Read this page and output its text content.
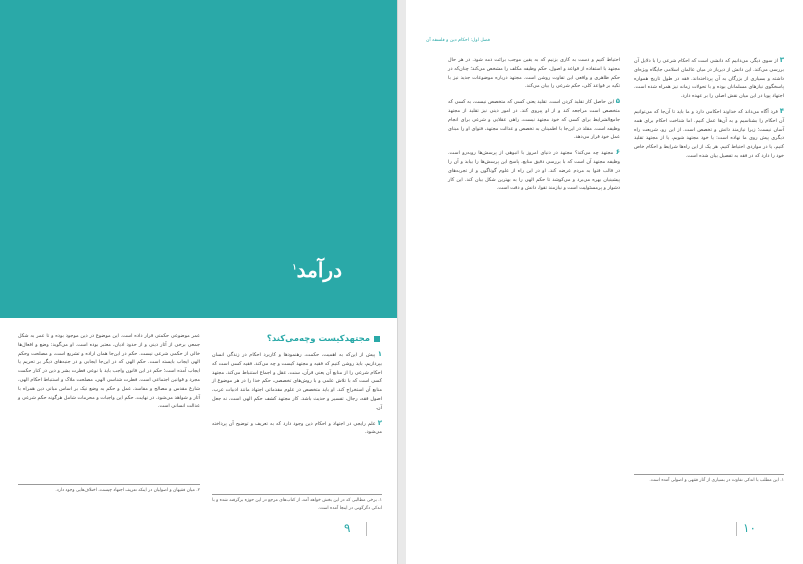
درآمد$^۱$

عمر موضوعی حکمتی قرار داده است. این موضوع در دین موجود بوده و تا عمر به شکل جمعی برخی از آثار دینی و از حدود ادیان، معتبر بوده است. او می‌گوید: وضع و افعال‌ها خالی از حکمی شرعی نیست. حکم در این‌جا همان اراده و تشریع است، و مصلحت وحکم الهی ایجاب بایسته است. حکم الهی که در این‌جا ایجابی و در جنبه‌های دیگر بر تحریم یا ایجاب آمده است؛ حکم در این قانون واجب باید با نوعی فطرت بشر و دین در کنار حکمت مجرد و قوانین اجتماعی است. فطرت شناسی الهی، مصلحت ملاک و استنباط احکام الهی، شارع مقدس و مصالح و مفاسد، عمل و حکم به وضع نیک بر اساس مبانی دین همراه با آثار و شواهد می‌شود. در نهایت، حکم این واجبات و محرمات شامل هرگونه حکم شرعی و عدالت انسانی است.

مجتهدکیست وچه‌می‌کند؟

۱ پیش از این‌که به اهمیت، حکمت، رهنمودها و کاربرد احکام در زندگی انسان بپردازیم، باید روشن کنیم که فقیه و مجتهد کیست و چه می‌کند. فقیه کسی است که احکام شرعی را از منابع آن یعنی قرآن، سنت، عقل و اجماع استنباط می‌کند. مجتهد کسی است که با تلاش علمی و با روش‌های تخصصی، حکم خدا را در هر موضوع از منابع آن استخراج کند. او باید متخصص در علوم مقدماتی اجتهاد مانند ادبیات عرب، اصول فقه، رجال، تفسیر و حدیث باشد. کار مجتهد کشف حکم الهی است، نه جعل آن.

۲ علم رایجی در اجتهاد و احکام دین وجود دارد که به تعریف و توضیح آن پرداخته می‌شود.

۱. برخی مطالبی که در این بخش خواهد آمد، از کتاب‌های مرجع در این حوزه برگرفته شده و با اندکی دگرگونی در اینجا آمده است.

۲. میان فقیهان و اصولیان در اینکه تعریف اجتهاد چیست، اختلاف‌هایی وجود دارد.

۹
فصل اول: احکام دین و فلسفه آن

احتیاط کنیم و دست به کاری بزنیم که به یقین موجب برائت ذمه شود. در هر حال مجتهد با استفاده از قواعد و اصول، حکم وظیفه مکلف را مشخص می‌کند؛ چنان‌که در حکم ظاهری و واقعی این تفاوت روشن است. مجتهد درباره موضوعات جدید نیز با تکیه بر قواعد کلی، حکم شرعی را بیان می‌کند.

۵ این حاصل کار تقلید کردن است. تقلید یعنی کسی که متخصص نیست، به کسی که متخصص است مراجعه کند و از او پیروی کند. در امور دینی نیز تقلید از مجتهد جامع‌الشرایط برای کسی که خود مجتهد نیست، راهی عقلایی و شرعی برای انجام وظیفه است. مقلد در این‌جا با اطمینان به تخصص و عدالت مجتهد، فتوای او را مبنای عمل خود قرار می‌دهد.

۶ مجتهد چه می‌کند؟ مجتهد در دنیای امروز با انبوهی از پرسش‌ها روبه‌رو است. وظیفه مجتهد آن است که با بررسی دقیق منابع، پاسخ این پرسش‌ها را بیابد و آن را در قالب فتوا به مردم عرضه کند. او در این راه از علوم گوناگون و از تجربه‌های پیشینیان بهره می‌برد و می‌کوشد تا حکم الهی را به بهترین شکل بیان کند. این کار دشوار و پرمسئولیت است و نیازمند تقوا، دانش و دقت است.

۳ از سوی دیگر، می‌دانیم که دانشی است که احکام شرعی را با دلایل آن بررسی می‌کند. این دانش از دیرباز در میان عالمان اسلامی جایگاه ویژه‌ای داشته و بسیاری از بزرگان به آن پرداخته‌اند. فقه در طول تاریخ همواره پاسخگوی نیازهای مسلمانان بوده و با تحولات زمانه نیز همراه شده است. اجتهاد پویا در این میان نقش اصلی را بر عهده دارد.

۴ فرد آگاه می‌داند که خداوند احکامی دارد و ما باید تا آن‌جا که می‌توانیم آن احکام را بشناسیم و به آن‌ها عمل کنیم. اما شناخت احکام برای همه آسان نیست؛ زیرا نیازمند دانش و تخصص است. از این رو، شریعت راه دیگری پیش روی ما نهاده است: یا خود مجتهد شویم، یا از مجتهد تقلید کنیم، یا در مواردی احتیاط کنیم. هر یک از این راه‌ها شرایط و احکام خاص خود را دارد که در فقه به تفصیل بیان شده است.

۱. این مطلب با اندکی تفاوت در بسیاری از آثار فقهی و اصولی آمده است.

۱۰
